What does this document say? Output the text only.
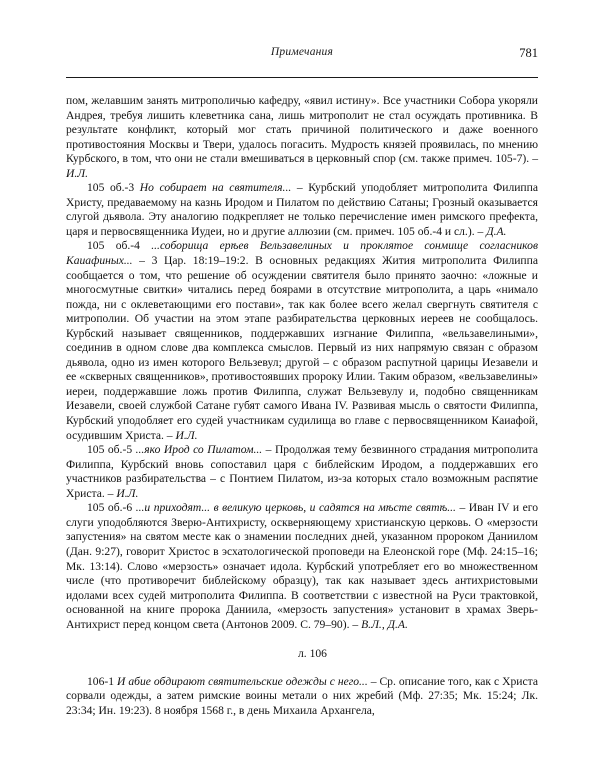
Примечания	781

пом, желавшим занять митрополичью кафедру, «явил истину». Все участники Собора укоряли Андрея, требуя лишить клеветника сана, лишь митрополит не стал осуждать противника. В результате конфликт, который мог стать причиной политического и даже военного противостояния Москвы и Твери, удалось погасить. Мудрость князей проявилась, по мнению Курбского, в том, что они не стали вмешиваться в церковный спор (см. также примеч. 105-7). – И.Л.

105 об.-3 Но собирает на святителя... – Курбский уподобляет митрополита Филиппа Христу, предаваемому на казнь Иродом и Пилатом по действию Сатаны; Грозный оказывается слугой дьявола. Эту аналогию подкрепляет не только перечисление имен римского префекта, царя и первосвященника Иудеи, но и другие аллюзии (см. примеч. 105 об.-4 и сл.). – Д.А.

105 об.-4 ...соборища ерѣев Вельзавелиных и проклятое сонмище согласников Каиафиных... – 3 Цар. 18:19–19:2. В основных редакциях Жития митрополита Филиппа сообщается о том, что решение об осуждении святителя было принято заочно: «ложные и многосмутные свитки» читались перед боярами в отсутствие митрополита, а царь «нимало пожда, ни с оклеветающими его постави», так как более всего желал свергнуть святителя с митрополии. Об участии на этом этапе разбирательства церковных иереев не сообщалось. Курбский называет священников, поддержавших изгнание Филиппа, «вельзавелиными», соединив в одном слове два комплекса смыслов. Первый из них напрямую связан с образом дьявола, одно из имен которого Вельзевул; другой – с образом распутной царицы Иезавели и ее «скверных священников», противостоявших пророку Илии. Таким образом, «вельзавелины» иереи, поддержавшие ложь против Филиппа, служат Вельзевулу и, подобно священникам Иезавели, своей службой Сатане губят самого Ивана IV. Развивая мысль о святости Филиппа, Курбский уподобляет его судей участникам судилища во главе с первосвященником Каиафой, осудившим Христа. – И.Л.

105 об.-5 ...яко Ирод со Пилатом... – Продолжая тему безвинного страдания митрополита Филиппа, Курбский вновь сопоставил царя с библейским Иродом, а поддержавших его участников разбирательства – с Понтием Пилатом, из-за которых стало возможным распятие Христа. – И.Л.

105 об.-6 ...и приходят... в великую церковь, и садятся на мѣсте святѣ... – Иван IV и его слуги уподобляются Зверю-Антихристу, оскверняющему христианскую церковь. О «мерзости запустения» на святом месте как о знамении последних дней, указанном пророком Даниилом (Дан. 9:27), говорит Христос в эсхатологической проповеди на Елеонской горе (Мф. 24:15–16; Мк. 13:14). Слово «мерзость» означает идола. Курбский употребляет его во множественном числе (что противоречит библейскому образцу), так как называет здесь антихристовыми идолами всех судей митрополита Филиппа. В соответствии с известной на Руси трактовкой, основанной на книге пророка Даниила, «мерзость запустения» установит в храмах Зверь-Антихрист перед концом света (Антонов 2009. С. 79–90). – В.Л., Д.А.

л. 106

106-1 И абие обдирают святительские одежды с него... – Ср. описание того, как с Христа сорвали одежды, а затем римские воины метали о них жребий (Мф. 27:35; Мк. 15:24; Лк. 23:34; Ин. 19:23). 8 ноября 1568 г., в день Михаила Архангела,
